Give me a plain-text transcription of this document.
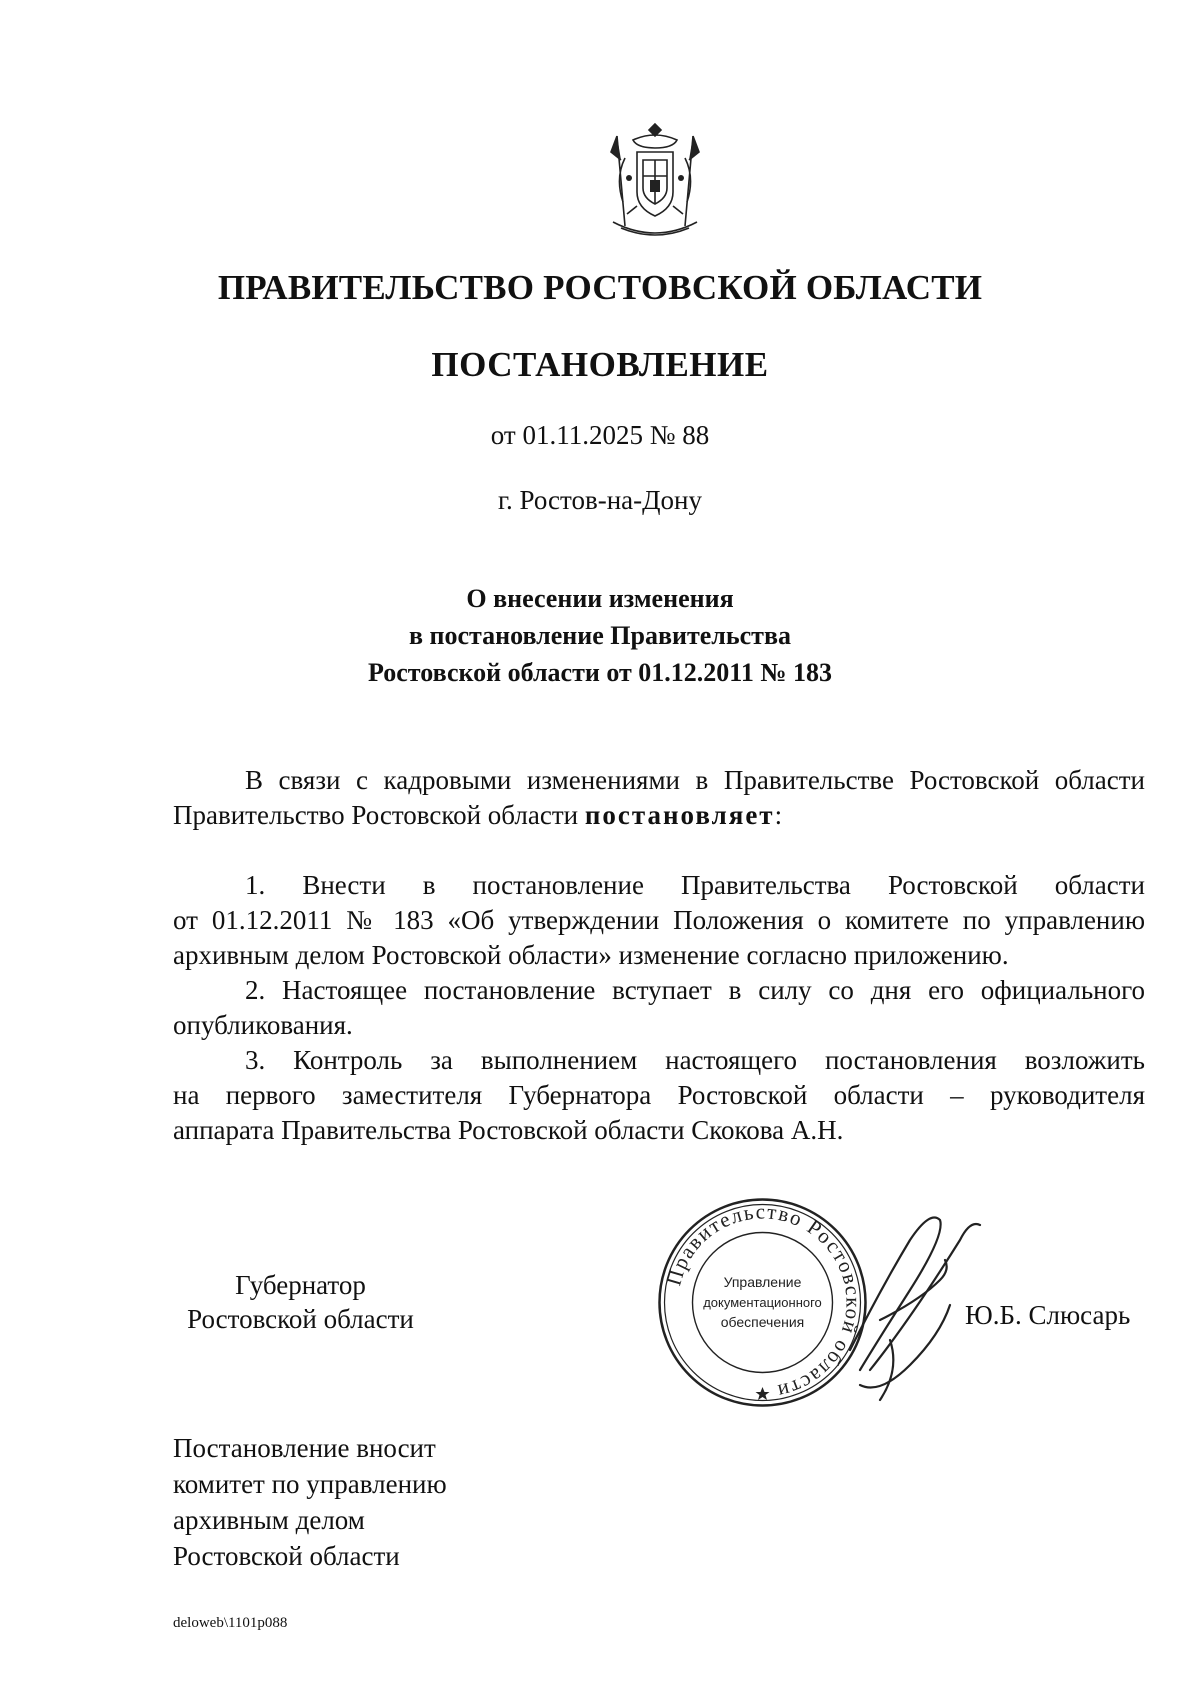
ПРАВИТЕЛЬСТВО РОСТОВСКОЙ ОБЛАСТИ
ПОСТАНОВЛЕНИЕ
от 01.11.2025 № 88
г. Ростов-на-Дону
О внесении изменения
в постановление Правительства
Ростовской области от 01.12.2011 № 183
В связи с кадровыми изменениями в Правительстве Ростовской области
Правительство Ростовской области постановляет:
1. Внести в постановление Правительства Ростовской области
от 01.12.2011 № 183 «Об утверждении Положения о комитете по управлению
архивным делом Ростовской области» изменение согласно приложению.
2. Настоящее постановление вступает в силу со дня его официального
опубликования.
3. Контроль за выполнением настоящего постановления возложить
на первого заместителя Губернатора Ростовской области – руководителя
аппарата Правительства Ростовской области Скокова А.Н.
Губернатор
Ростовской области
Правительство Ростовской области
Управление
документационного
обеспечения	Ю.Б. Слюсарь
Постановление вносит
комитет по управлению
архивным делом
Ростовской области
deloweb\1101p088
